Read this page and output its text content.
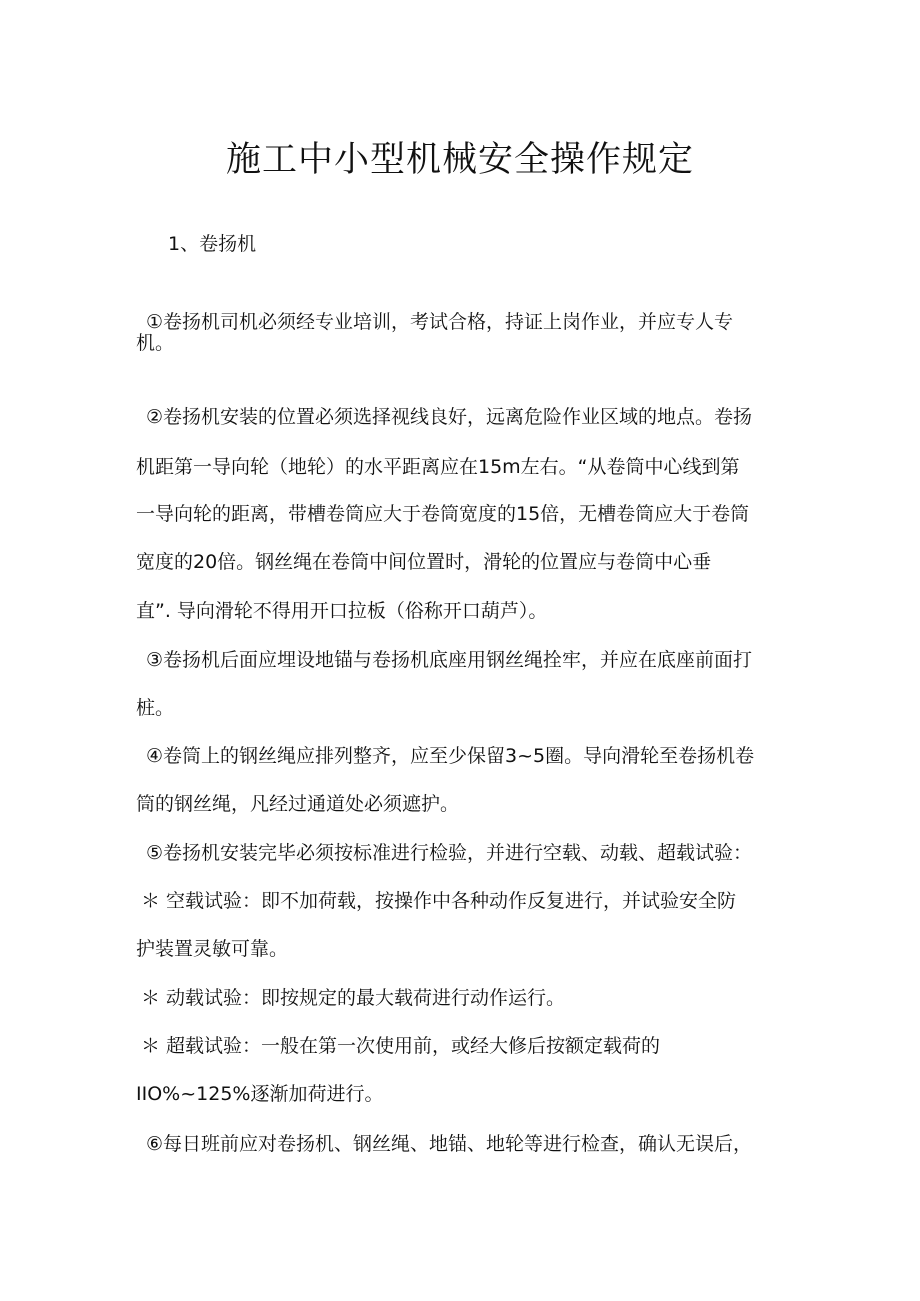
施工中小型机械安全操作规定
1、卷扬机
①卷扬机司机必须经专业培训，考试合格，持证上岗作业，并应专人专
机。
②卷扬机安装的位置必须选择视线良好，远离危险作业区域的地点。卷扬
机距第一导向轮（地轮）的水平距离应在15m左右。“从卷筒中心线到第
一导向轮的距离，带槽卷筒应大于卷筒宽度的15倍，无槽卷筒应大于卷筒
宽度的20倍。钢丝绳在卷筒中间位置时，滑轮的位置应与卷筒中心垂
直”. 导向滑轮不得用开口拉板（俗称开口葫芦）。
③卷扬机后面应埋设地锚与卷扬机底座用钢丝绳拴牢，并应在底座前面打
桩。
④卷筒上的钢丝绳应排列整齐，应至少保留3~5圈。导向滑轮至卷扬机卷
筒的钢丝绳，凡经过通道处必须遮护。
⑤卷扬机安装完毕必须按标准进行检验，并进行空载、动载、超载试验：
＊ 空载试验：即不加荷载，按操作中各种动作反复进行，并试验安全防
护装置灵敏可靠。
＊ 动载试验：即按规定的最大载荷进行动作运行。
＊ 超载试验：一般在第一次使用前，或经大修后按额定载荷的
IIO%~125%逐渐加荷进行。
⑥每日班前应对卷扬机、钢丝绳、地锚、地轮等进行检查，确认无误后，
